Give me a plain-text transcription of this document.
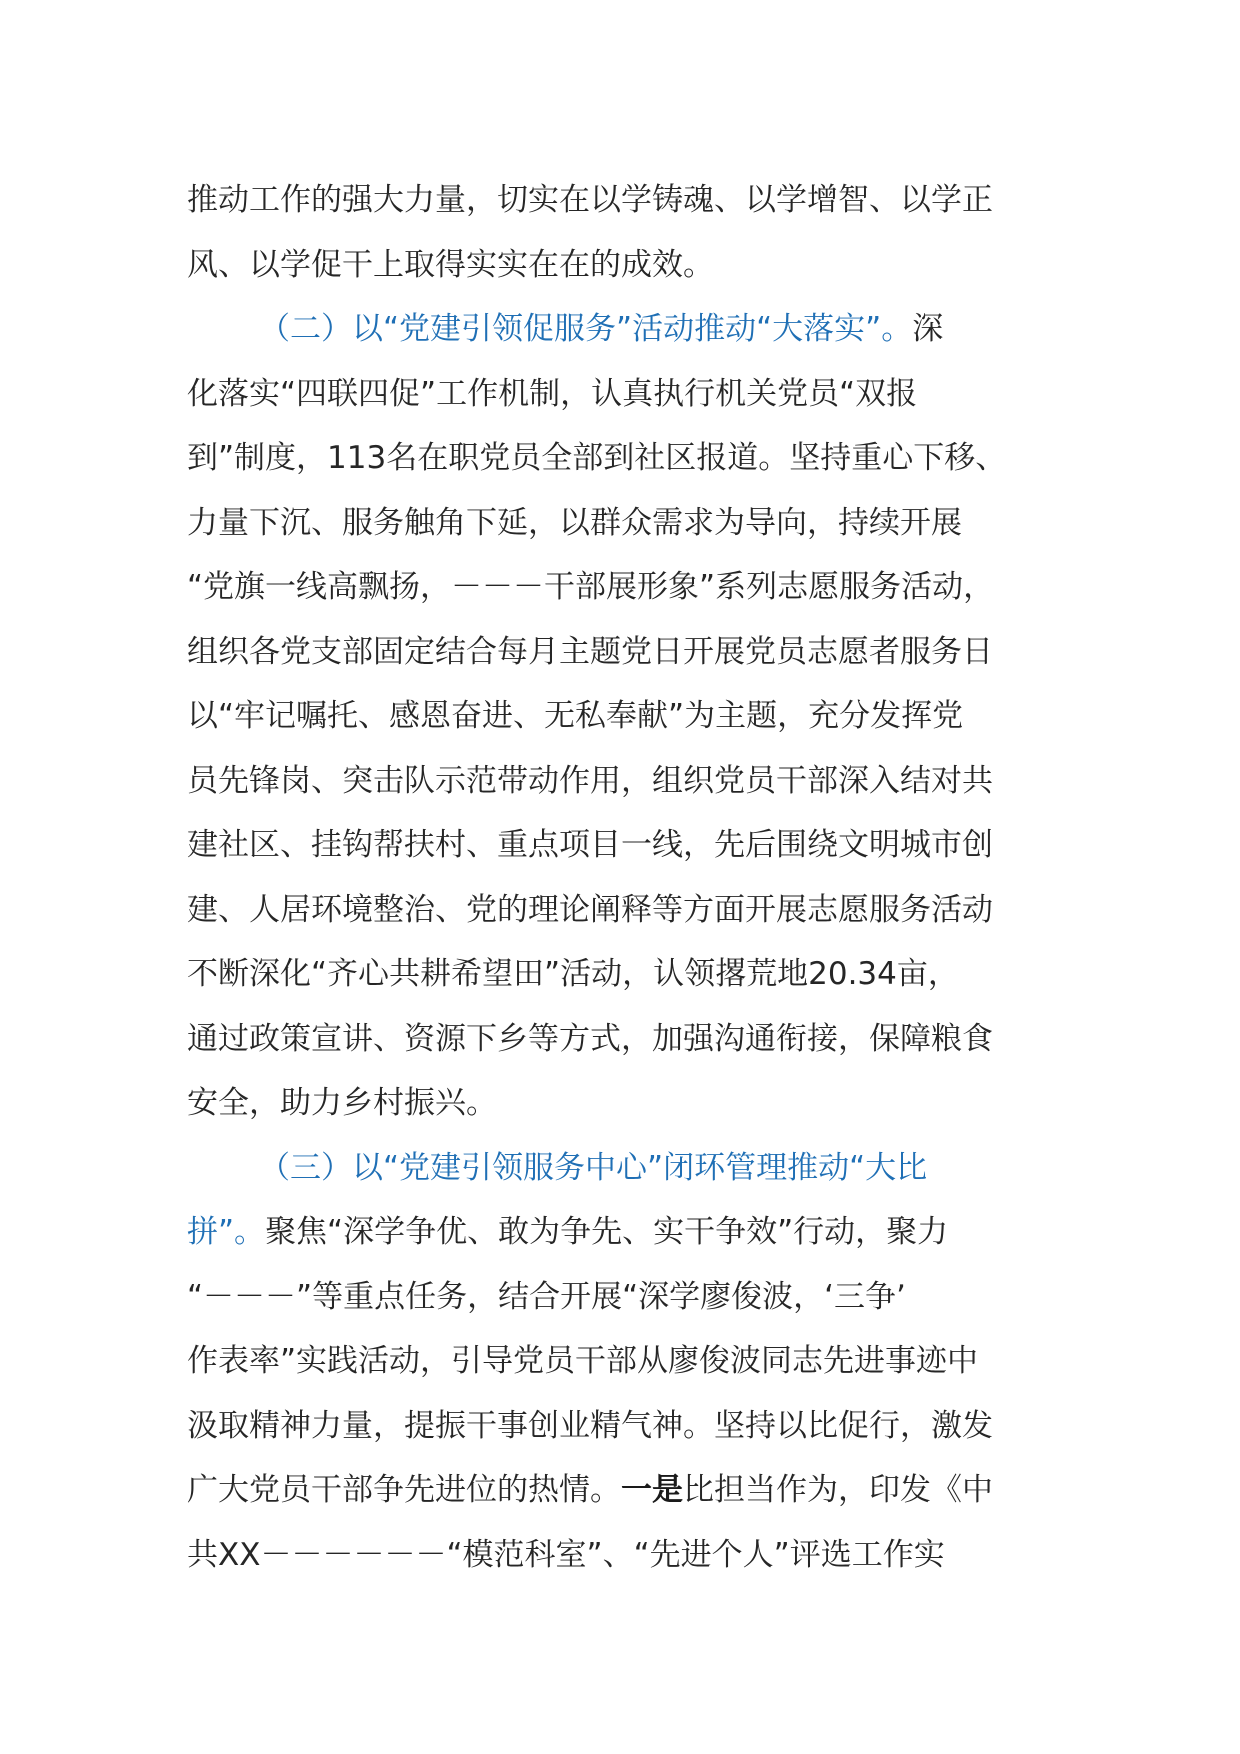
推动工作的强大力量，切实在以学铸魂、以学增智、以学正
风、以学促干上取得实实在在的成效。
（二）以“党建引领促服务”活动推动“大落实”。深
化落实“四联四促”工作机制，认真执行机关党员“双报
到”制度，113名在职党员全部到社区报道。坚持重心下移、
力量下沉、服务触角下延，以群众需求为导向，持续开展
“党旗一线高飘扬，－－－干部展形象”系列志愿服务活动，
组织各党支部固定结合每月主题党日开展党员志愿者服务日
以“牢记嘱托、感恩奋进、无私奉献”为主题，充分发挥党
员先锋岗、突击队示范带动作用，组织党员干部深入结对共
建社区、挂钩帮扶村、重点项目一线，先后围绕文明城市创
建、人居环境整治、党的理论阐释等方面开展志愿服务活动
不断深化“齐心共耕希望田”活动，认领撂荒地20.34亩，
通过政策宣讲、资源下乡等方式，加强沟通衔接，保障粮食
安全，助力乡村振兴。
（三）以“党建引领服务中心”闭环管理推动“大比
拼”。聚焦“深学争优、敢为争先、实干争效”行动，聚力
“－－－”等重点任务，结合开展“深学廖俊波，‘三争’
作表率”实践活动，引导党员干部从廖俊波同志先进事迹中
汲取精神力量，提振干事创业精气神。坚持以比促行，激发
广大党员干部争先进位的热情。一是比担当作为，印发《中
共XX－－－－－－“模范科室”、“先进个人”评选工作实
